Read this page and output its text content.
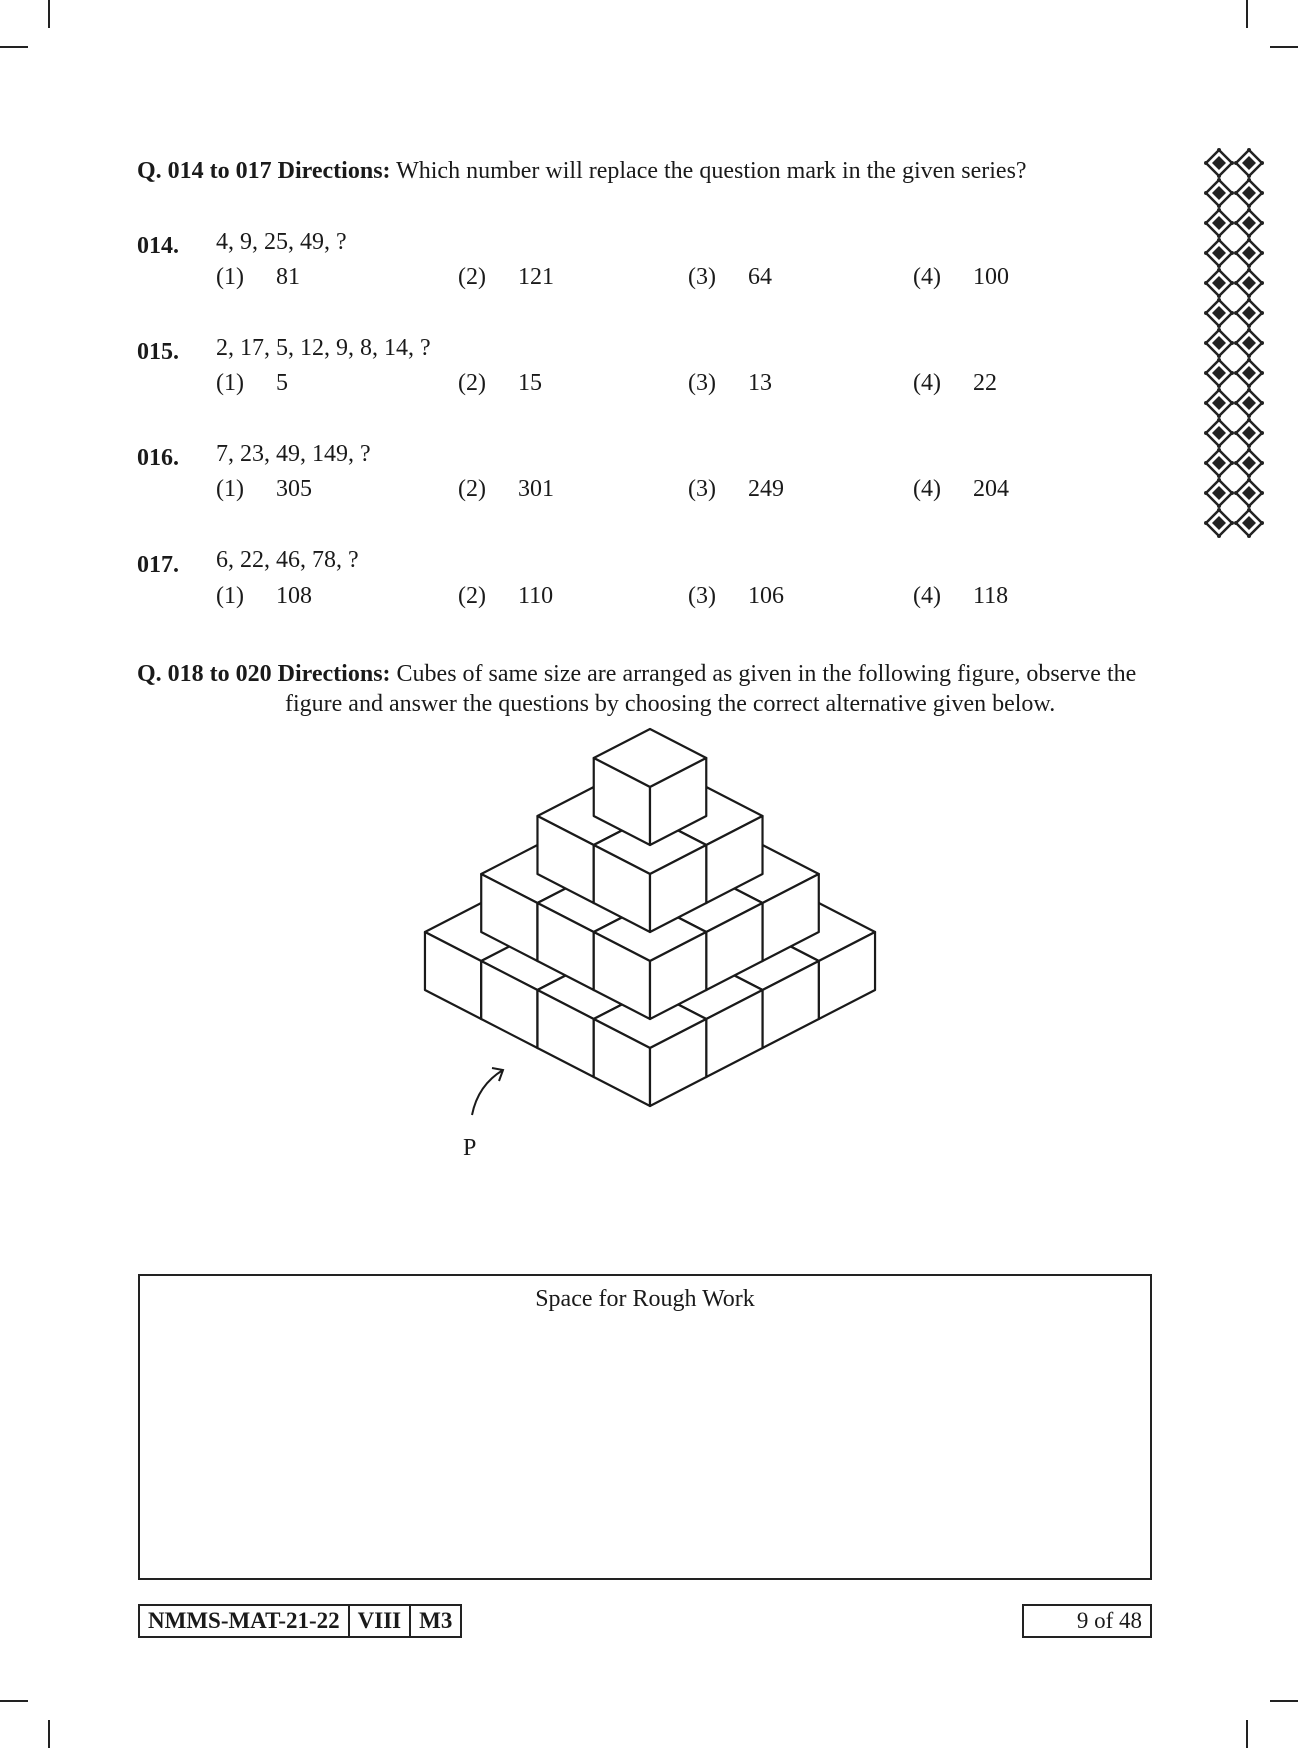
Q. 014 to 017 Directions: Which number will replace the question mark in the given series?
014. 4, 9, 25, 49, ?
(1) 81	(2) 121	(3) 64	(4) 100
015. 2, 17, 5, 12, 9, 8, 14, ?
(1) 5	(2) 15	(3) 13	(4) 22
016. 7, 23, 49, 149, ?
(1) 305	(2) 301	(3) 249	(4) 204
017. 6, 22, 46, 78, ?
(1) 108	(2) 110	(3) 106	(4) 118
Q. 018 to 020 Directions: Cubes of same size are arranged as given in the following figure, observe the
figure and answer the questions by choosing the correct alternative given below.
P
Space for Rough Work
NMMS-MAT-21-22 VIII M3	9 of 48
